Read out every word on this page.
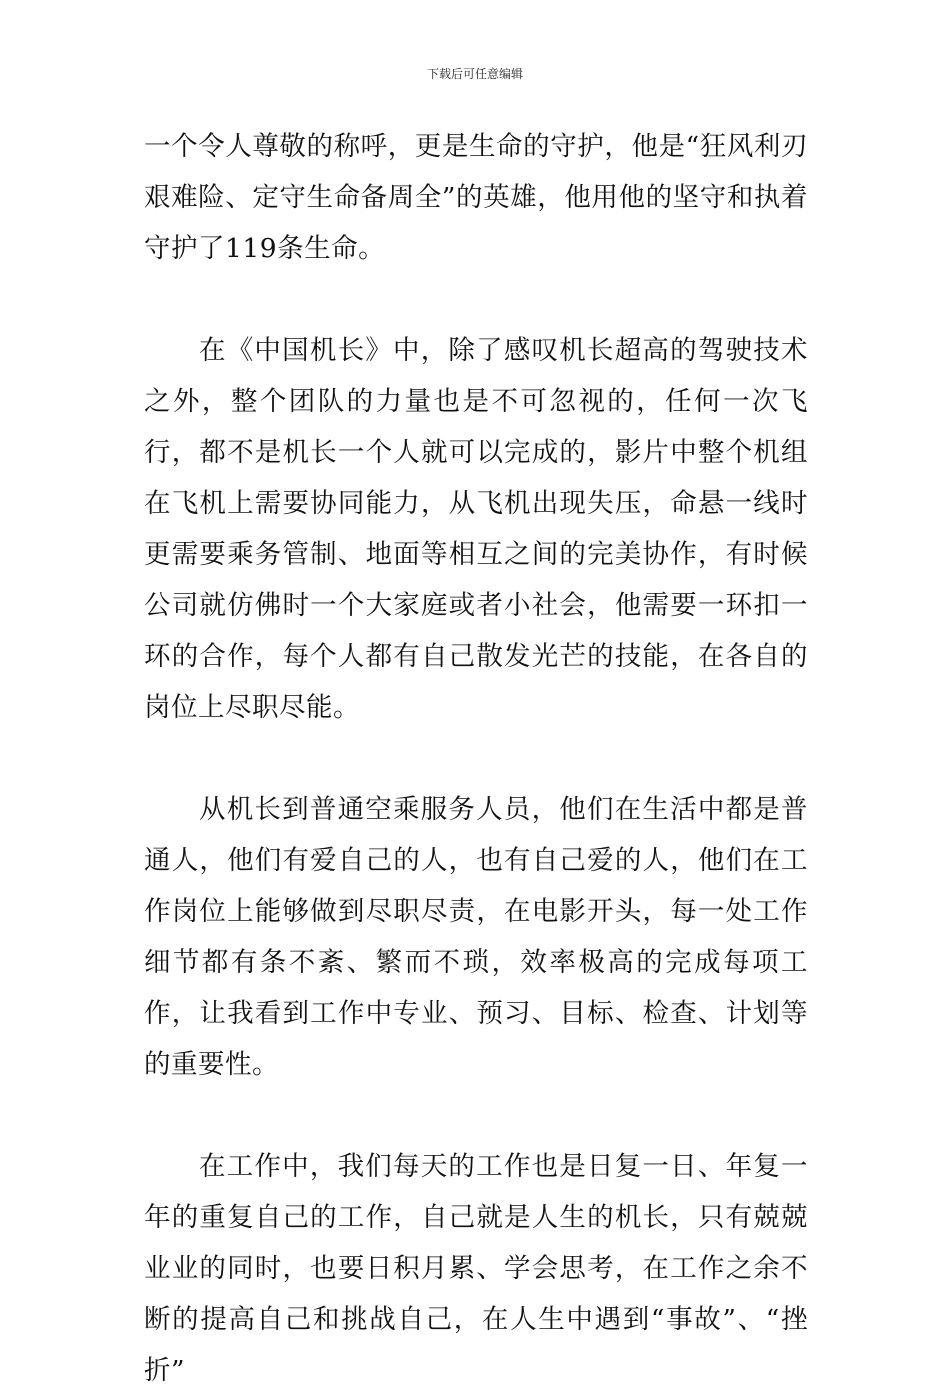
下载后可任意编辑

一个令人尊敬的称呼，更是生命的守护，他是“狂风利刃艰难险、定守生命备周全”的英雄，他用他的坚守和执着守护了119条生命。

在《中国机长》中，除了感叹机长超高的驾驶技术之外，整个团队的力量也是不可忽视的，任何一次飞行，都不是机长一个人就可以完成的，影片中整个机组在飞机上需要协同能力，从飞机出现失压，命悬一线时更需要乘务管制、地面等相互之间的完美协作，有时候公司就仿佛时一个大家庭或者小社会，他需要一环扣一环的合作，每个人都有自己散发光芒的技能，在各自的岗位上尽职尽能。

从机长到普通空乘服务人员，他们在生活中都是普通人，他们有爱自己的人，也有自己爱的人，他们在工作岗位上能够做到尽职尽责，在电影开头，每一处工作细节都有条不紊、繁而不琐，效率极高的完成每项工作，让我看到工作中专业、预习、目标、检查、计划等的重要性。

在工作中，我们每天的工作也是日复一日、年复一年的重复自己的工作，自己就是人生的机长，只有兢兢业业的同时，也要日积月累、学会思考，在工作之余不断的提高自己和挑战自己，在人生中遇到“事故”、“挫折”
